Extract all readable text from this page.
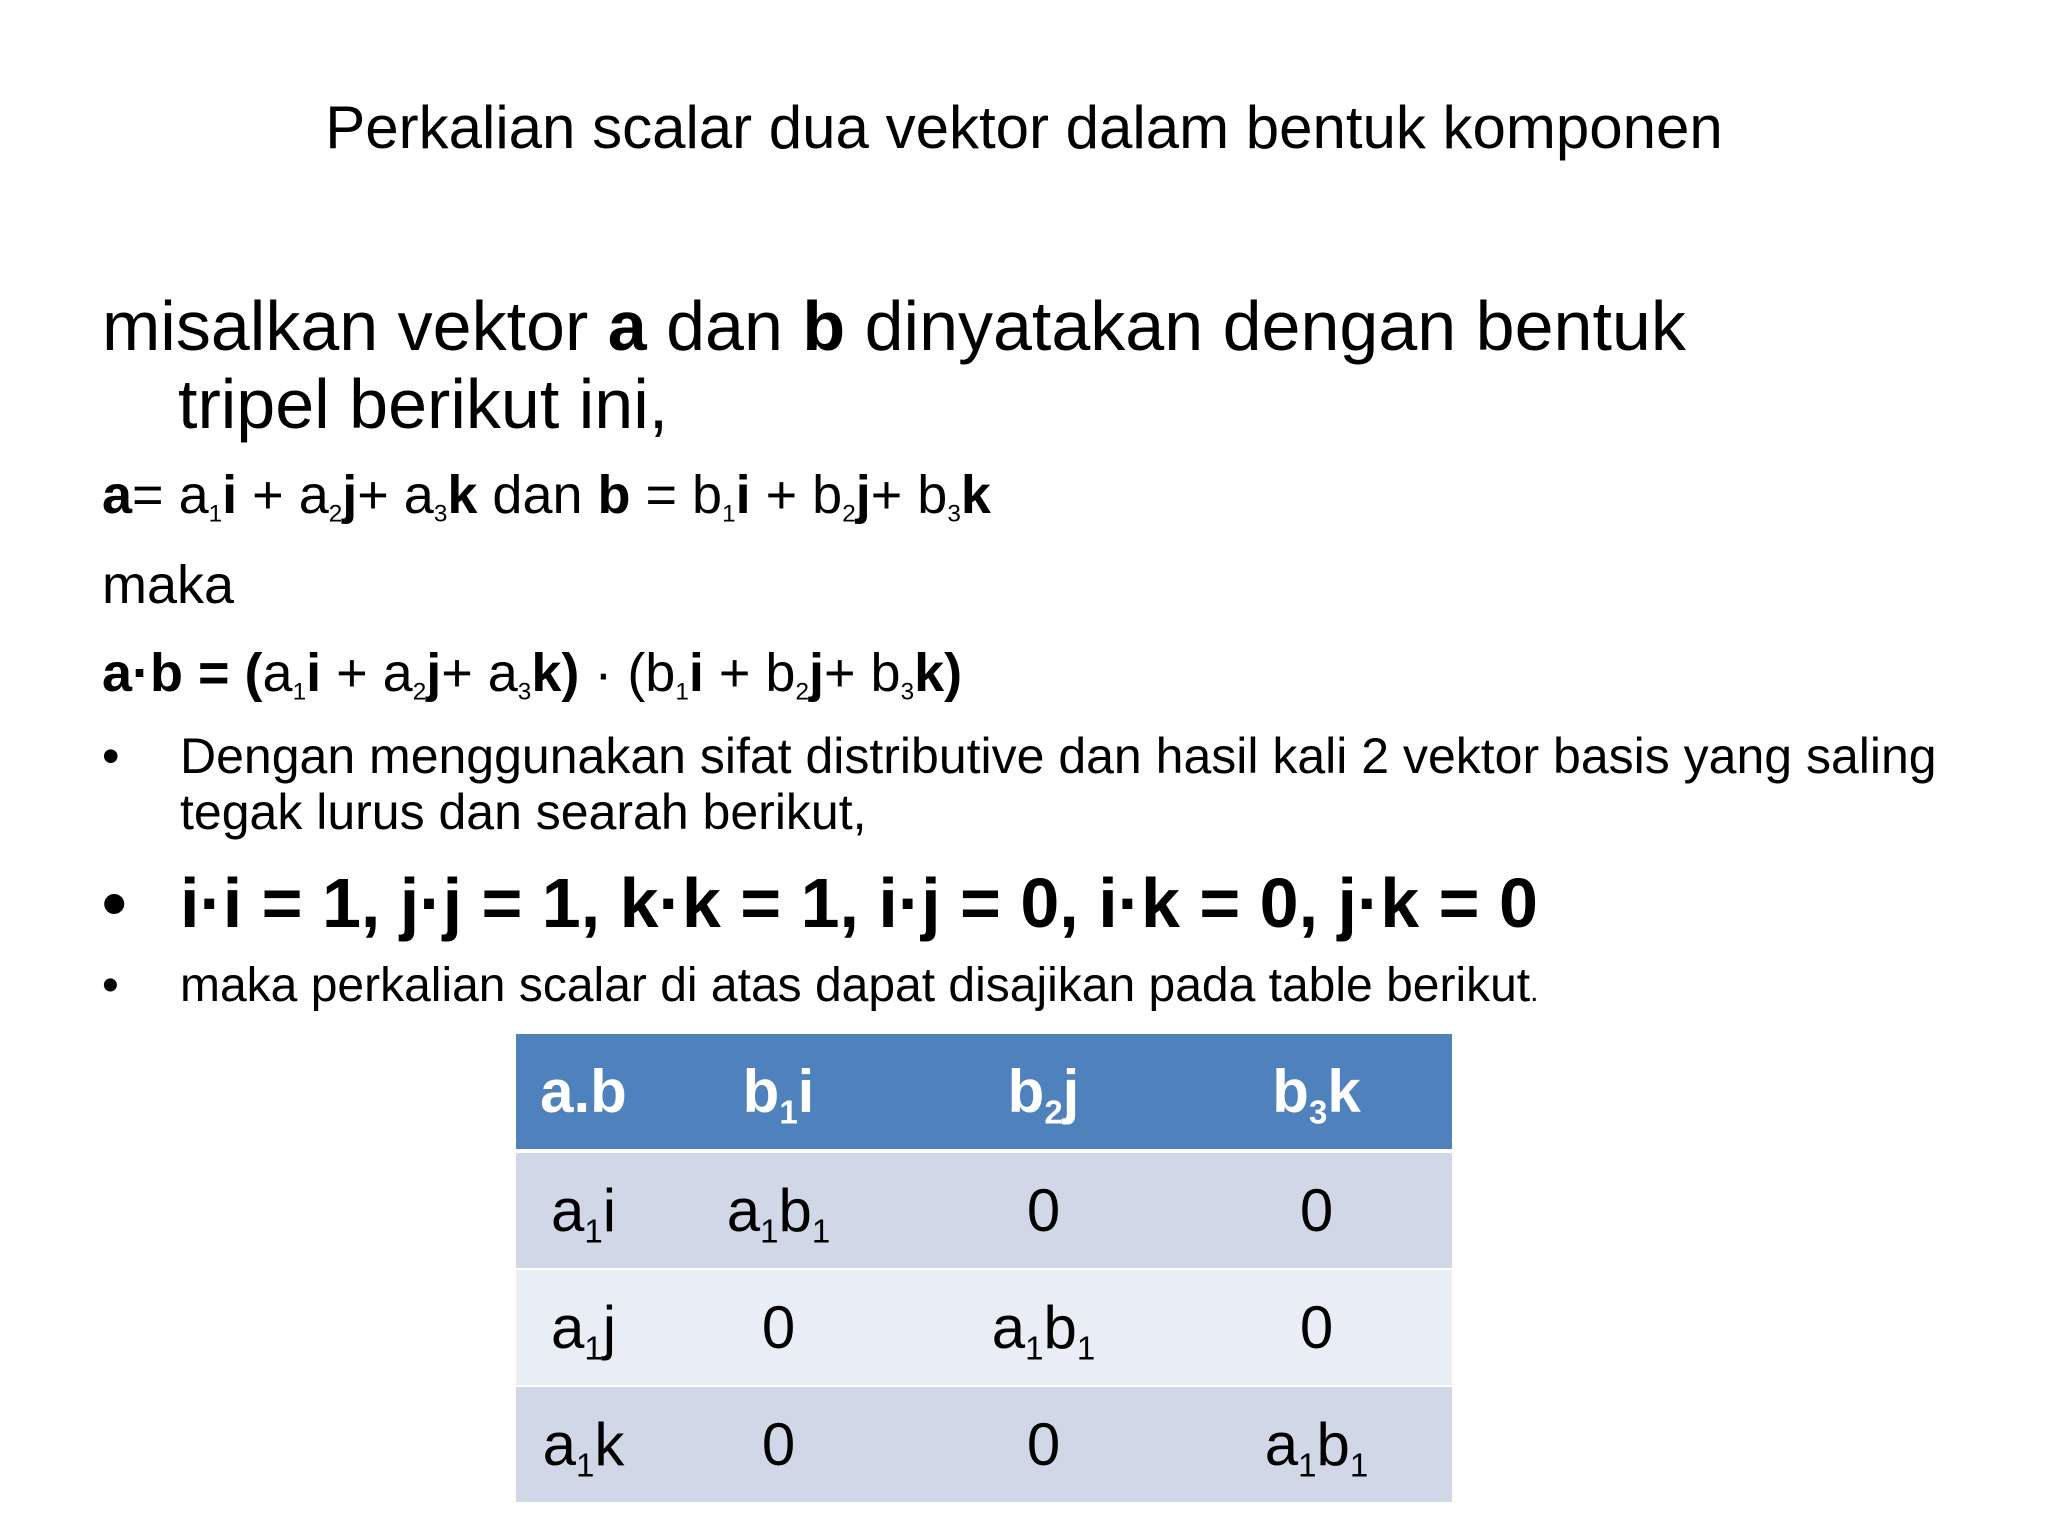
Perkalian scalar dua vektor dalam bentuk komponen
misalkan vektor a dan b dinyatakan dengan bentuk
tripel berikut ini,
$a= a_1i + a_2j+ a_3k$ dan $b = b_1i + b_2j+ b_3k$
maka
$a\cdot b = (a_1i + a_2j+ a_3k) \cdot (b_1i + b_2j+ b_3k)$
•	Dengan menggunakan sifat distributive dan hasil kali 2 vektor basis yang saling tegak lurus dan searah berikut,
• i·i = 1, j·j = 1, k·k = 1, i·j = 0, i·k = 0, j·k = 0
•	maka perkalian scalar di atas dapat disajikan pada table berikut.
a.b	$b_1i$	$b_2j$	$b_3k$
$a_1i$	$a_1b_1$	0	0
$a_1j$	0	$a_1b_1$	0
$a_1k$	0	0	$a_1b_1$
